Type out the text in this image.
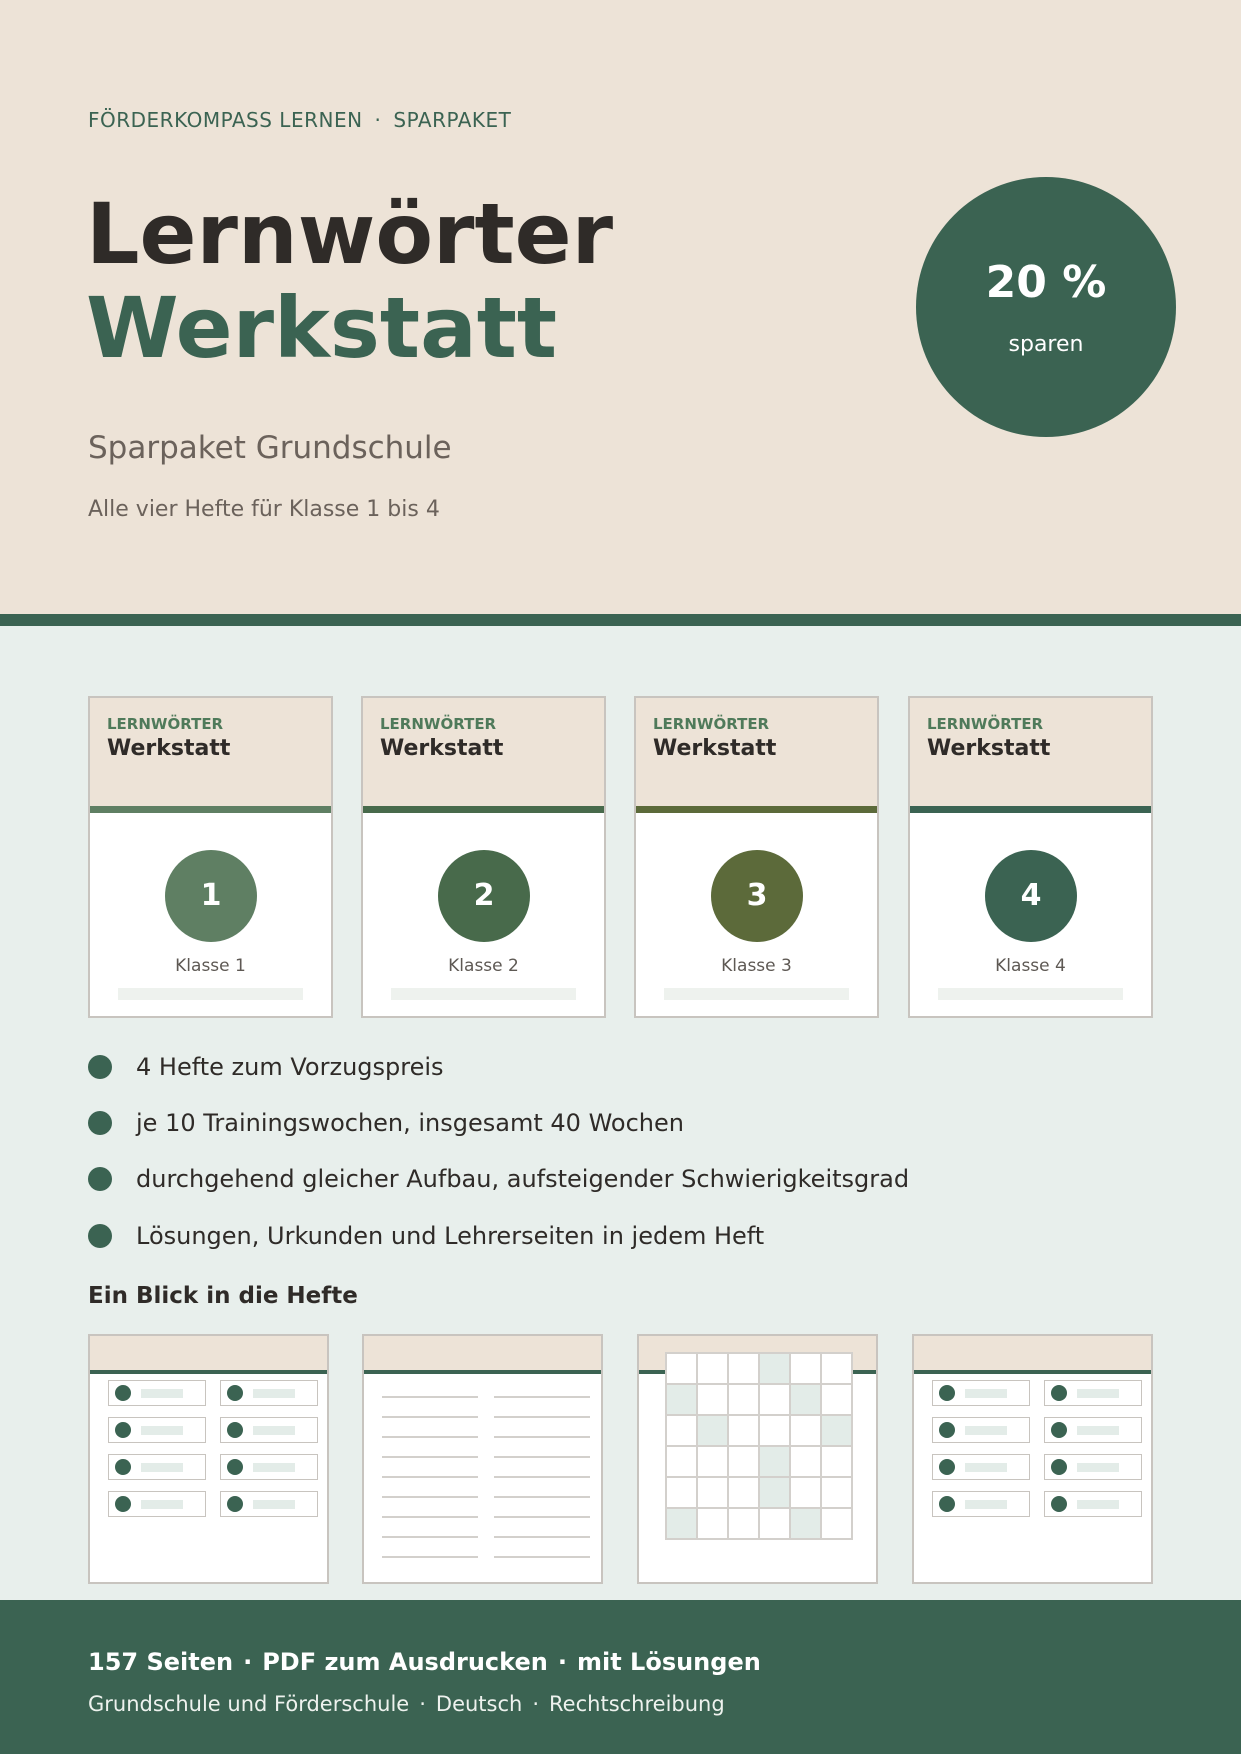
FÖRDERKOMPASS LERNEN · SPARPAKET
Lernwörter
Werkstatt
Sparpaket Grundschule
Alle vier Hefte für Klasse 1 bis 4
20 %
sparen
LERNWÖRTER
Werkstatt
1
Klasse 1
LERNWÖRTER
Werkstatt
2
Klasse 2
LERNWÖRTER
Werkstatt
3
Klasse 3
LERNWÖRTER
Werkstatt
4
Klasse 4
4 Hefte zum Vorzugspreis
je 10 Trainingswochen, insgesamt 40 Wochen
durchgehend gleicher Aufbau, aufsteigender Schwierigkeitsgrad
Lösungen, Urkunden und Lehrerseiten in jedem Heft
Ein Blick in die Hefte
157 Seiten · PDF zum Ausdrucken · mit Lösungen
Grundschule und Förderschule · Deutsch · Rechtschreibung
